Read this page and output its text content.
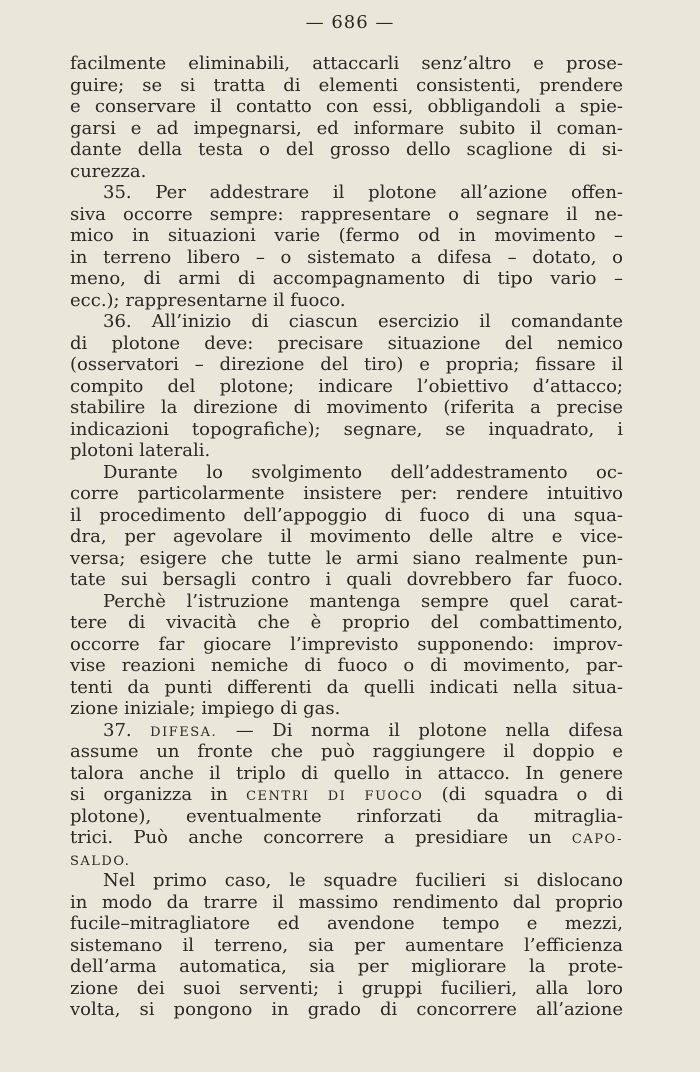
— 686 —
facilmente eliminabili, attaccarli senz’altro e prose-
guire; se si tratta di elementi consistenti, prendere
e conservare il contatto con essi, obbligandoli a spie-
garsi e ad impegnarsi, ed informare subito il coman-
dante della testa o del grosso dello scaglione di si-
curezza.
35. Per addestrare il plotone all’azione offen-
siva occorre sempre: rappresentare o segnare il ne-
mico in situazioni varie (fermo od in movimento –
in terreno libero – o sistemato a difesa – dotato, o
meno, di armi di accompagnamento di tipo vario –
ecc.); rappresentarne il fuoco.
36. All’inizio di ciascun esercizio il comandante
di plotone deve: precisare situazione del nemico
(osservatori – direzione del tiro) e propria; fissare il
compito del plotone; indicare l’obiettivo d’attacco;
stabilire la direzione di movimento (riferita a precise
indicazioni topografiche); segnare, se inquadrato, i
plotoni laterali.
Durante lo svolgimento dell’addestramento oc-
corre particolarmente insistere per: rendere intuitivo
il procedimento dell’appoggio di fuoco di una squa-
dra, per agevolare il movimento delle altre e vice-
versa; esigere che tutte le armi siano realmente pun-
tate sui bersagli contro i quali dovrebbero far fuoco.
Perchè l’istruzione mantenga sempre quel carat-
tere di vivacità che è proprio del combattimento,
occorre far giocare l’imprevisto supponendo: improv-
vise reazioni nemiche di fuoco o di movimento, par-
tenti da punti differenti da quelli indicati nella situa-
zione iniziale; impiego di gas.
37. DIFESA. — Di norma il plotone nella difesa
assume un fronte che può raggiungere il doppio e
talora anche il triplo di quello in attacco. In genere
si organizza in CENTRI DI FUOCO (di squadra o di
plotone), eventualmente rinforzati da mitraglia-
trici. Può anche concorrere a presidiare un CAPO-
SALDO.
Nel primo caso, le squadre fucilieri si dislocano
in modo da trarre il massimo rendimento dal proprio
fucile–mitragliatore ed avendone tempo e mezzi,
sistemano il terreno, sia per aumentare l’efficienza
dell’arma automatica, sia per migliorare la prote-
zione dei suoi serventi; i gruppi fucilieri, alla loro
volta, si pongono in grado di concorrere all’azione
